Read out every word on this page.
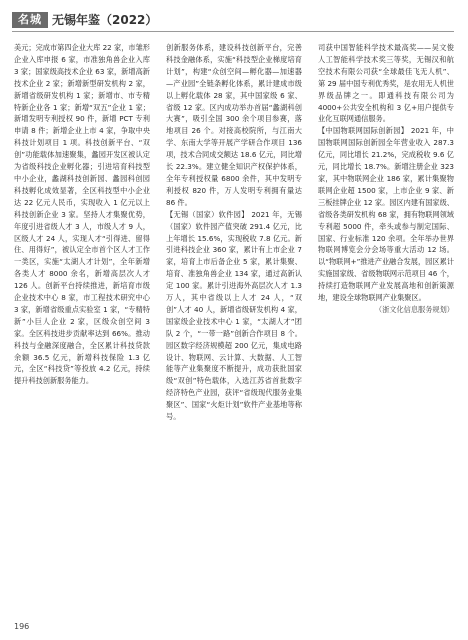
名城 无锡年鉴（2022）

美元；完成市第四企业大库 22 家，市雏形企业入库申报 6 家，市准独角兽企业入库 3 家；国家级高技术企业 63 家，新增高新技术企业 2 家；新增新型研发机构 2 家，新增省级研发机构 1 家；新增市、市专精特新企业各 1 家；新增“双五”企业 1 家；新增发明专利授权 90 件，新增 PCT 专利申请 8 件；新增企业上市 4 家，争取中央科技计划项目 1 项。科技创新平台、“双创”功能载体加速聚集，蠡园开发区被认定为省级科技企业孵化器；引进培育科技型中小企业，蠡湖科技创新园、蠡园科创园科技孵化成效显著，全区科技型中小企业达 22 亿元人民币，实现收入 1 亿元以上科技创新企业 3 家。坚持人才集聚优势，年度引进省级人才 3 人，市级人才 9 人，区级人才 24 人，实现人才“引得进、留得住、用得好”，被认定全市首个区人才工作一类区，实施“太湖人才计划”，全年新增各类人才 8000 余名，新增高层次人才 126 人。创新平台持续推进，新培育市级企业技术中心 8 家，市工程技术研究中心 3 家，新增省级重点实验室 1 家，“专精特新”小巨人企业 2 家，区级众创空间 3 家。全区科技进步贡献率达到 66%。推动科技与金融深度融合，全区累计科技贷款余额 36.5 亿元，新增科技保险 1.3 亿元，全区“科技贷”等投放 4.2 亿元，持续提升科技创新服务能力。

创新服务体系，建设科技创新平台，完善科技金融体系，实施“科技型企业梯度培育计划”，构建“众创空间—孵化器—加速器—产业园”全链条孵化体系，累计建成市级以上孵化载体 28 家，其中国家级 6 家、省级 12 家。区内成功举办首届“蠡湖科创大赛”，吸引全国 300 余个项目参赛，落地项目 26 个。对接高校院所，与江南大学、东南大学等开展产学研合作项目 136 项，技术合同成交额达 18.6 亿元，同比增长 22.3%。建立健全知识产权保护体系，全年专利授权量 6800 余件，其中发明专利授权 820 件，万人发明专利拥有量达 86 件。

【无锡（国家）软件园】 2021 年，无锡（国家）软件园产值突破 291.4 亿元，比上年增长 15.6%，实现税收 7.8 亿元。新引进科技企业 360 家，累计有上市企业 7 家，培育上市后备企业 5 家，累计集聚、培育、准独角兽企业 134 家，通过高新认定 100 家。累计引进海外高层次人才 1.3 万人，其中省级以上人才 24 人，“双创”人才 40 人，新增省级研发机构 4 家，国家级企业技术中心 1 家，“太湖人才”团队 2 个，“一带一路”创新合作项目 8 个。园区数字经济规模超 200 亿元，集成电路设计、物联网、云计算、大数据、人工智能等产业集聚度不断提升，成功获批国家级“双创”特色载体，入选江苏省首批数字经济特色产业园，获评“省级现代服务业集聚区”、国家“火炬计划”软件产业基地等称号。

司获中国智能科学技术最高奖——吴文俊人工智能科学技术奖三等奖，无锡汉和航空技术有限公司获“全球最佳飞无人机”、第 29 届中国专利优秀奖，是农用无人机世界级品牌之一。即通科技有限公司为 4000+公共安全机构和 3 亿+用户提供专业化互联网通信服务。

【中国物联网国际创新园】 2021 年，中国物联网国际创新园全年营业收入 287.3 亿元，同比增长 21.2%，完成税收 9.6 亿元，同比增长 18.7%。新增注册企业 323 家，其中物联网企业 186 家，累计集聚物联网企业超 1500 家，上市企业 9 家、新三板挂牌企业 12 家。园区内建有国家级、省级各类研发机构 68 家，拥有物联网领域专利超 5000 件，牵头或参与制定国际、国家、行业标准 120 余项。全年举办世界物联网博览会分会场等重大活动 12 场。以“物联网+”推进产业融合发展，园区累计实施国家级、省级物联网示范项目 46 个，持续打造物联网产业发展高地和创新策源地，建设全球物联网产业集聚区。

（浙文化信息服务规划）
196
